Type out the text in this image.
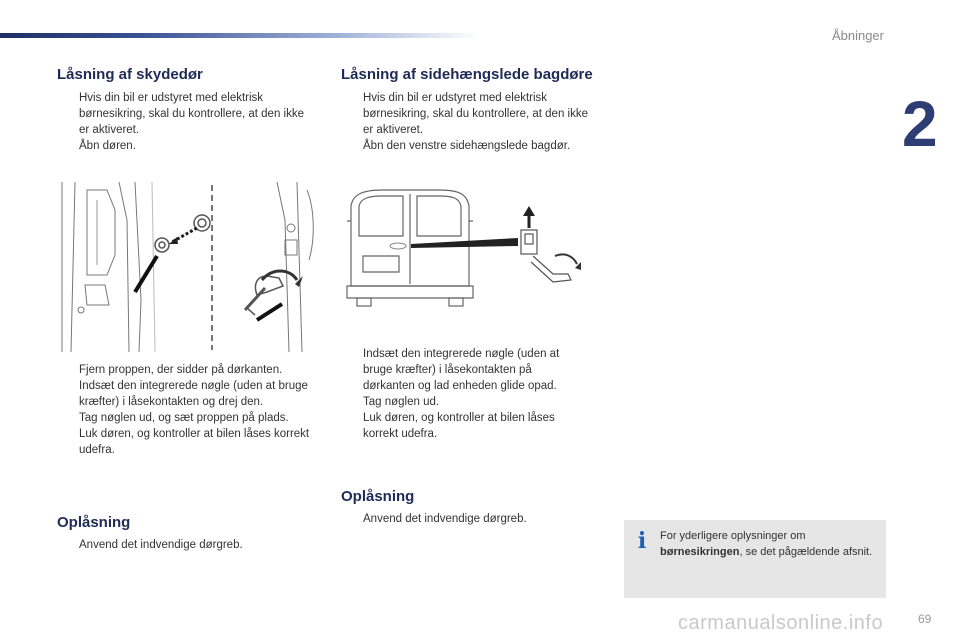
Åbninger
2
Låsning af skydedør
Hvis din bil er udstyret med elektrisk børnesikring, skal du kontrollere, at den ikke er aktiveret.
Åbn døren.
Fjern proppen, der sidder på dørkanten.
Indsæt den integrerede nøgle (uden at bruge kræfter) i låsekontakten og drej den.
Tag nøglen ud, og sæt proppen på plads.
Luk døren, og kontroller at bilen låses korrekt udefra.
Oplåsning
Anvend det indvendige dørgreb.
Låsning af sidehængslede bagdøre
Hvis din bil er udstyret med elektrisk børnesikring, skal du kontrollere, at den ikke er aktiveret.
Åbn den venstre sidehængslede bagdør.
Indsæt den integrerede nøgle (uden at bruge kræfter) i låsekontakten på dørkanten og lad enheden glide opad.
Tag nøglen ud.
Luk døren, og kontroller at bilen låses korrekt udefra.
Oplåsning
Anvend det indvendige dørgreb.
i	For yderligere oplysninger om børnesikringen, se det pågældende afsnit.
carmanualsonline.info	69
